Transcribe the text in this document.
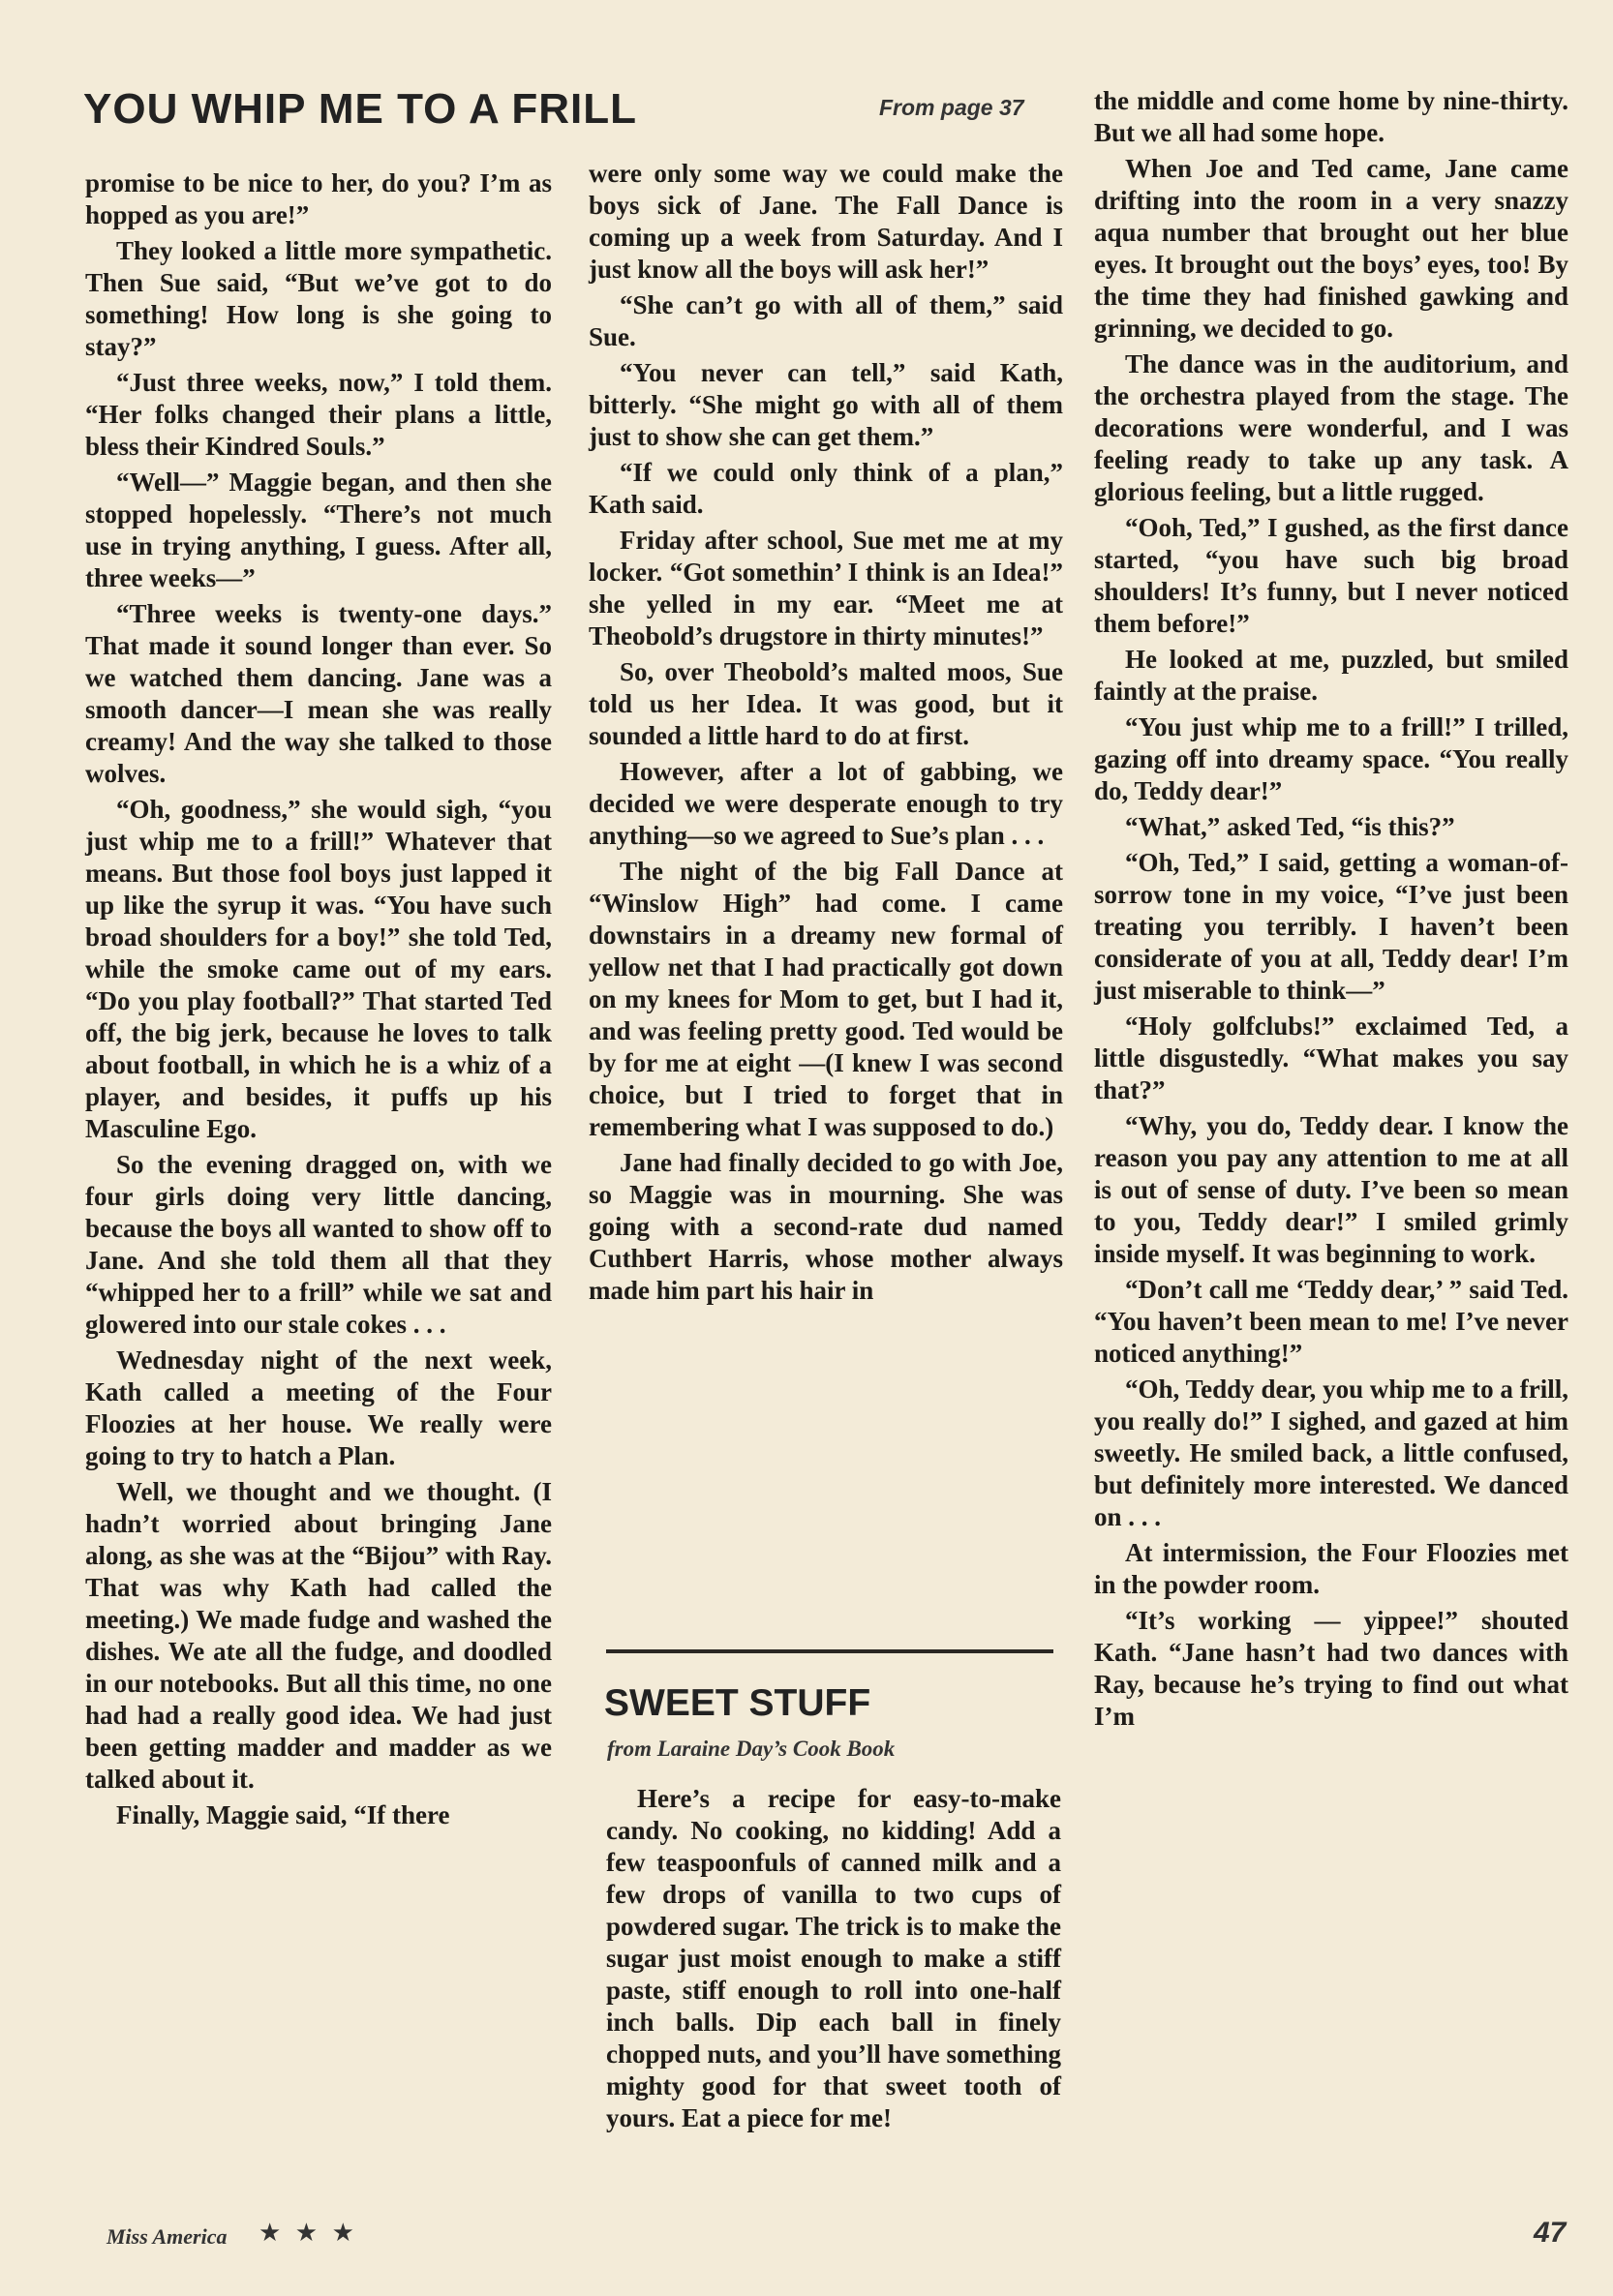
YOU WHIP ME TO A FRILL	From page 37

promise to be nice to her, do you? I’m as hopped as you are!”

They looked a little more sympathetic. Then Sue said, “But we’ve got to do something! How long is she going to stay?”

“Just three weeks, now,” I told them. “Her folks changed their plans a little, bless their Kindred Souls.”

“Well—” Maggie began, and then she stopped hopelessly. “There’s not much use in trying anything, I guess. After all, three weeks—”

“Three weeks is twenty-one days.” That made it sound longer than ever. So we watched them dancing. Jane was a smooth dancer—I mean she was really creamy! And the way she talked to those wolves.

“Oh, goodness,” she would sigh, “you just whip me to a frill!” Whatever that means. But those fool boys just lapped it up like the syrup it was. “You have such broad shoulders for a boy!” she told Ted, while the smoke came out of my ears. “Do you play football?” That started Ted off, the big jerk, because he loves to talk about football, in which he is a whiz of a player, and besides, it puffs up his Masculine Ego.

So the evening dragged on, with we four girls doing very little dancing, because the boys all wanted to show off to Jane. And she told them all that they “whipped her to a frill” while we sat and glowered into our stale cokes . . .

Wednesday night of the next week, Kath called a meeting of the Four Floozies at her house. We really were going to try to hatch a Plan.

Well, we thought and we thought. (I hadn’t worried about bringing Jane along, as she was at the “Bijou” with Ray. That was why Kath had called the meeting.) We made fudge and washed the dishes. We ate all the fudge, and doodled in our notebooks. But all this time, no one had had a really good idea. We had just been getting madder and madder as we talked about it.

Finally, Maggie said, “If there

were only some way we could make the boys sick of Jane. The Fall Dance is coming up a week from Saturday. And I just know all the boys will ask her!”

“She can’t go with all of them,” said Sue.

“You never can tell,” said Kath, bitterly. “She might go with all of them just to show she can get them.”

“If we could only think of a plan,” Kath said.

Friday after school, Sue met me at my locker. “Got somethin’ I think is an Idea!” she yelled in my ear. “Meet me at Theobold’s drugstore in thirty minutes!”

So, over Theobold’s malted moos, Sue told us her Idea. It was good, but it sounded a little hard to do at first.

However, after a lot of gabbing, we decided we were desperate enough to try anything—so we agreed to Sue’s plan . . .

The night of the big Fall Dance at “Winslow High” had come. I came downstairs in a dreamy new formal of yellow net that I had practically got down on my knees for Mom to get, but I had it, and was feeling pretty good. Ted would be by for me at eight —(I knew I was second choice, but I tried to forget that in remembering what I was supposed to do.)

Jane had finally decided to go with Joe, so Maggie was in mourning. She was going with a second-rate dud named Cuthbert Harris, whose mother always made him part his hair in

the middle and come home by nine-thirty. But we all had some hope.

When Joe and Ted came, Jane came drifting into the room in a very snazzy aqua number that brought out her blue eyes. It brought out the boys’ eyes, too! By the time they had finished gawking and grinning, we decided to go.

The dance was in the auditorium, and the orchestra played from the stage. The decorations were wonderful, and I was feeling ready to take up any task. A glorious feeling, but a little rugged.

“Ooh, Ted,” I gushed, as the first dance started, “you have such big broad shoulders! It’s funny, but I never noticed them before!”

He looked at me, puzzled, but smiled faintly at the praise.

“You just whip me to a frill!” I trilled, gazing off into dreamy space. “You really do, Teddy dear!”

“What,” asked Ted, “is this?”

“Oh, Ted,” I said, getting a woman-of-sorrow tone in my voice, “I’ve just been treating you terribly. I haven’t been considerate of you at all, Teddy dear! I’m just miserable to think—”

“Holy golfclubs!” exclaimed Ted, a little disgustedly. “What makes you say that?”

“Why, you do, Teddy dear. I know the reason you pay any attention to me at all is out of sense of duty. I’ve been so mean to you, Teddy dear!” I smiled grimly inside myself. It was beginning to work.

“Don’t call me ‘Teddy dear,’ ” said Ted. “You haven’t been mean to me! I’ve never noticed anything!”

“Oh, Teddy dear, you whip me to a frill, you really do!” I sighed, and gazed at him sweetly. He smiled back, a little confused, but definitely more interested. We danced on . . .

At intermission, the Four Floozies met in the powder room.

“It’s working — yippee!” shouted Kath. “Jane hasn’t had two dances with Ray, because he’s trying to find out what I’m

SWEET STUFF
from Laraine Day’s Cook Book

Here’s a recipe for easy-to-make candy. No cooking, no kidding! Add a few teaspoonfuls of canned milk and a few drops of vanilla to two cups of powdered sugar. The trick is to make the sugar just moist enough to make a stiff paste, stiff enough to roll into one-half inch balls. Dip each ball in finely chopped nuts, and you’ll have something mighty good for that sweet tooth of yours. Eat a piece for me!

Miss America ★ ★ ★	47
